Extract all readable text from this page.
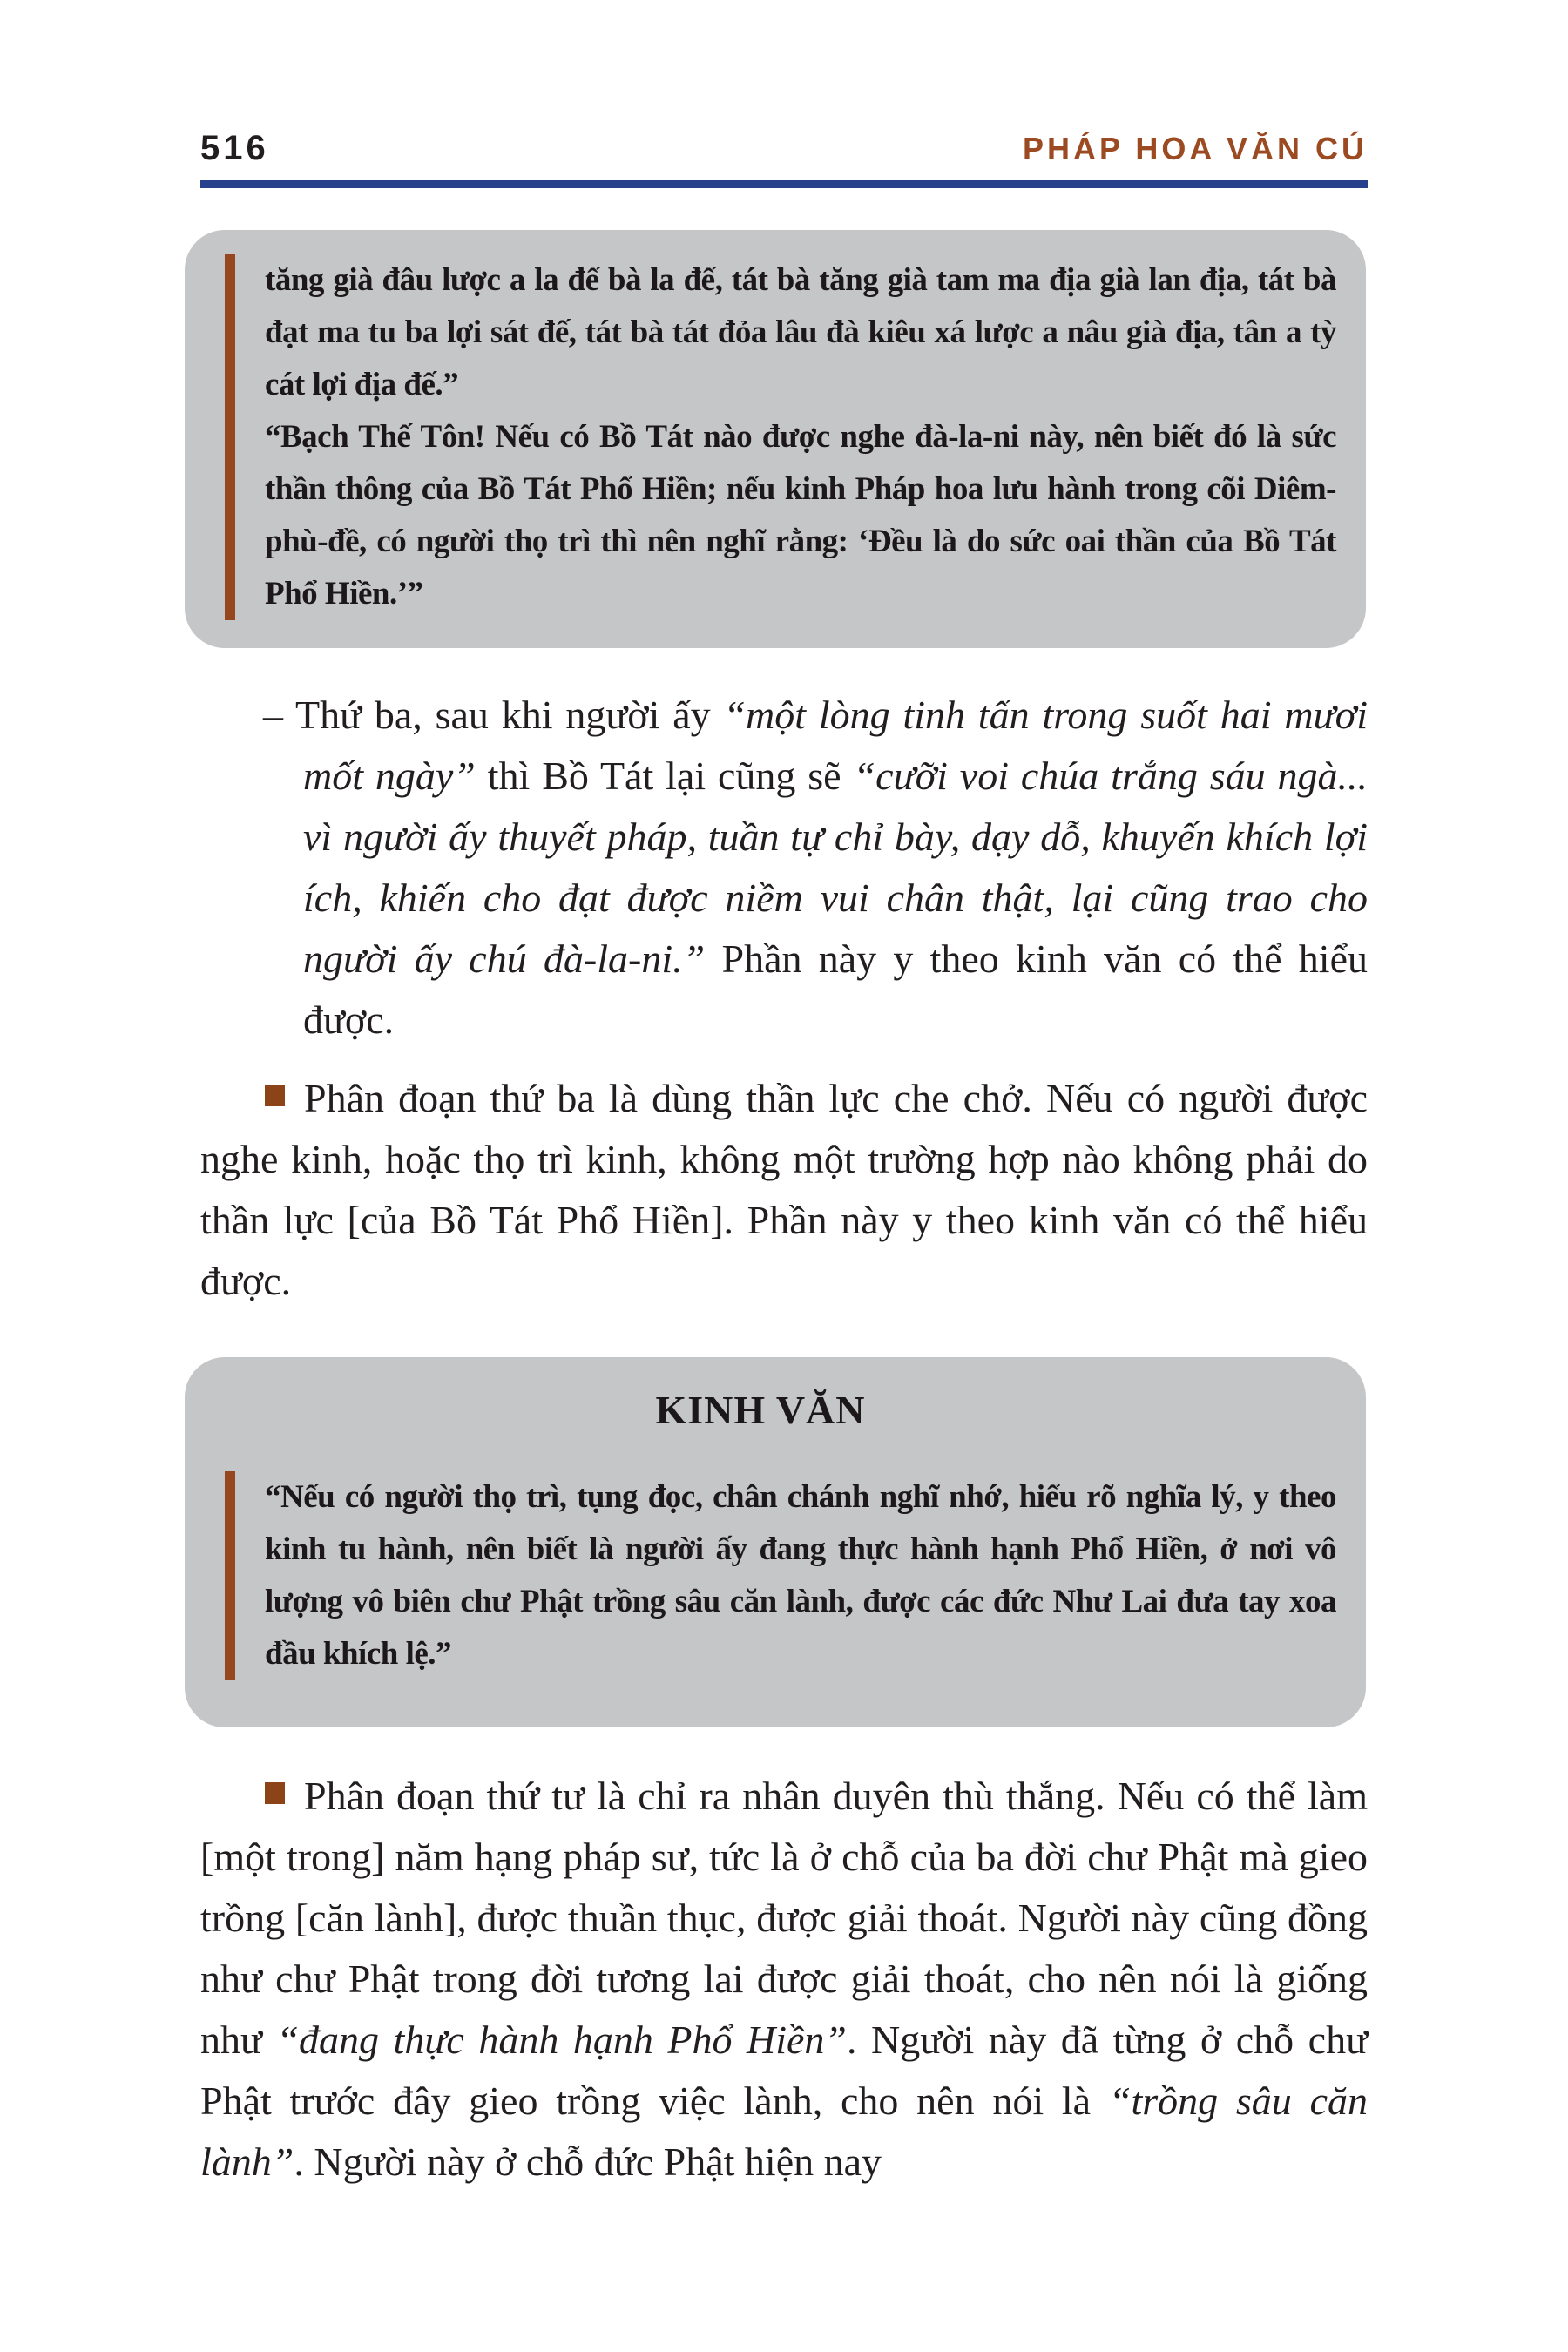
516	PHÁP HOA VĂN CÚ

tăng già đâu lược a la đế bà la đế, tát bà tăng già tam ma địa già lan địa, tát bà đạt ma tu ba lợi sát đế, tát bà tát đỏa lâu đà kiêu xá lược a nâu già địa, tân a tỳ cát lợi địa đế.”

“Bạch Thế Tôn! Nếu có Bồ Tát nào được nghe đà-la-ni này, nên biết đó là sức thần thông của Bồ Tát Phổ Hiền; nếu kinh Pháp hoa lưu hành trong cõi Diêm-phù-đề, có người thọ trì thì nên nghĩ rằng: ‘Đều là do sức oai thần của Bồ Tát Phổ Hiền.’”

– Thứ ba, sau khi người ấy “một lòng tinh tấn trong suốt hai mươi mốt ngày” thì Bồ Tát lại cũng sẽ “cưỡi voi chúa trắng sáu ngà... vì người ấy thuyết pháp, tuần tự chỉ bày, dạy dỗ, khuyến khích lợi ích, khiến cho đạt được niềm vui chân thật, lại cũng trao cho người ấy chú đà-la-ni.” Phần này y theo kinh văn có thể hiểu được.

Phân đoạn thứ ba là dùng thần lực che chở. Nếu có người được nghe kinh, hoặc thọ trì kinh, không một trường hợp nào không phải do thần lực [của Bồ Tát Phổ Hiền]. Phần này y theo kinh văn có thể hiểu được.

KINH VĂN

“Nếu có người thọ trì, tụng đọc, chân chánh nghĩ nhớ, hiểu rõ nghĩa lý, y theo kinh tu hành, nên biết là người ấy đang thực hành hạnh Phổ Hiền, ở nơi vô lượng vô biên chư Phật trồng sâu căn lành, được các đức Như Lai đưa tay xoa đầu khích lệ.”

Phân đoạn thứ tư là chỉ ra nhân duyên thù thắng. Nếu có thể làm [một trong] năm hạng pháp sư, tức là ở chỗ của ba đời chư Phật mà gieo trồng [căn lành], được thuần thục, được giải thoát. Người này cũng đồng như chư Phật trong đời tương lai được giải thoát, cho nên nói là giống như “đang thực hành hạnh Phổ Hiền”. Người này đã từng ở chỗ chư Phật trước đây gieo trồng việc lành, cho nên nói là “trồng sâu căn lành”. Người này ở chỗ đức Phật hiện nay
